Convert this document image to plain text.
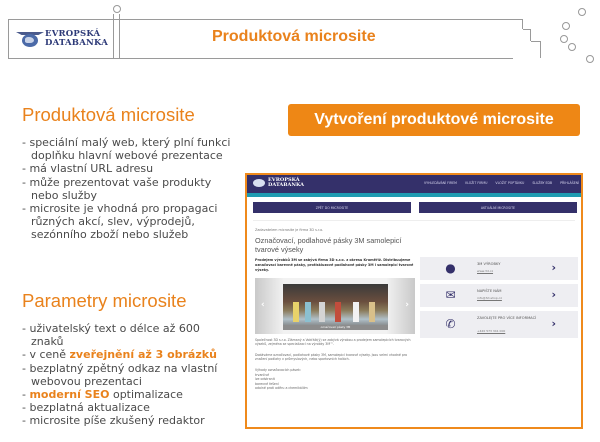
EVROPSKÁ
DATABANKA	Produktová microsite
Produktová microsite
- speciální malý web, který plní funkci doplňku hlavní webové prezentace
- má vlastní URL adresu
- může prezentovat vaše produkty nebo služby
- microsite je vhodná pro propagaci různých akcí, slev, výprodejů, sezónního zboží nebo služeb
Parametry microsite
- uživatelský text o délce až 600 znaků
- v ceně zveřejnění až 3 obrázků
- bezplatný zpětný odkaz na vlastní webovou prezentaci
- moderní SEO optimalizace
- bezplatná aktualizace
- microsite píše zkušený redaktor
Vytvoření produktové microsite
EVROPSKÁ
DATABANKA	VYHLEDÁVÁNÍ FIREM	VLOŽIT FIRMU	VLOŽIT POPTÁVKU	SLUŽBY EDB	PŘIHLÁŠENÍ
ZPĚT DO MICROSITE	AKTUÁLNÍ MICROSITE
Zadavatelem microsite je firma 3D s.r.o.
Označovací, podlahové pásky 3M samolepicí tvarové výseky
Prodejem výrobků 3M se zabývá firma 3D s.r.o. z okresu Kroměříž. Distribuujeme označovací barevné pásky, protiskluzové podlahové pásky 3M i samolepicí tvarové výseky.
‹
označovací pásky 3M
›
Společnost 3D s.r.o. Zlámaný a Vokřálk(ý) se zabývá výrobou a prodejem samolepicích tvarových výseků, zejména se specializací na výrobky 3M™.
Dodáváme označovací, podlahové pásky 3M, samolepicí tvarové výseky. Jsou velmi vhodné pro značení podlahy v průmyslových, nebo sportovních halách.
Výhody označovacích pásek:
trvanlivé
lze odstranit
barevné řešení
odolné proti oděru a chemikáliím
●	3M VÝROBKY
www.3d.cz	›
✉	NAPIŠTE NÁM
info@3d-shop.cz	›
✆	ZAVOLEJTE PRO VÍCE INFORMACÍ
+420 573 341 000
›
